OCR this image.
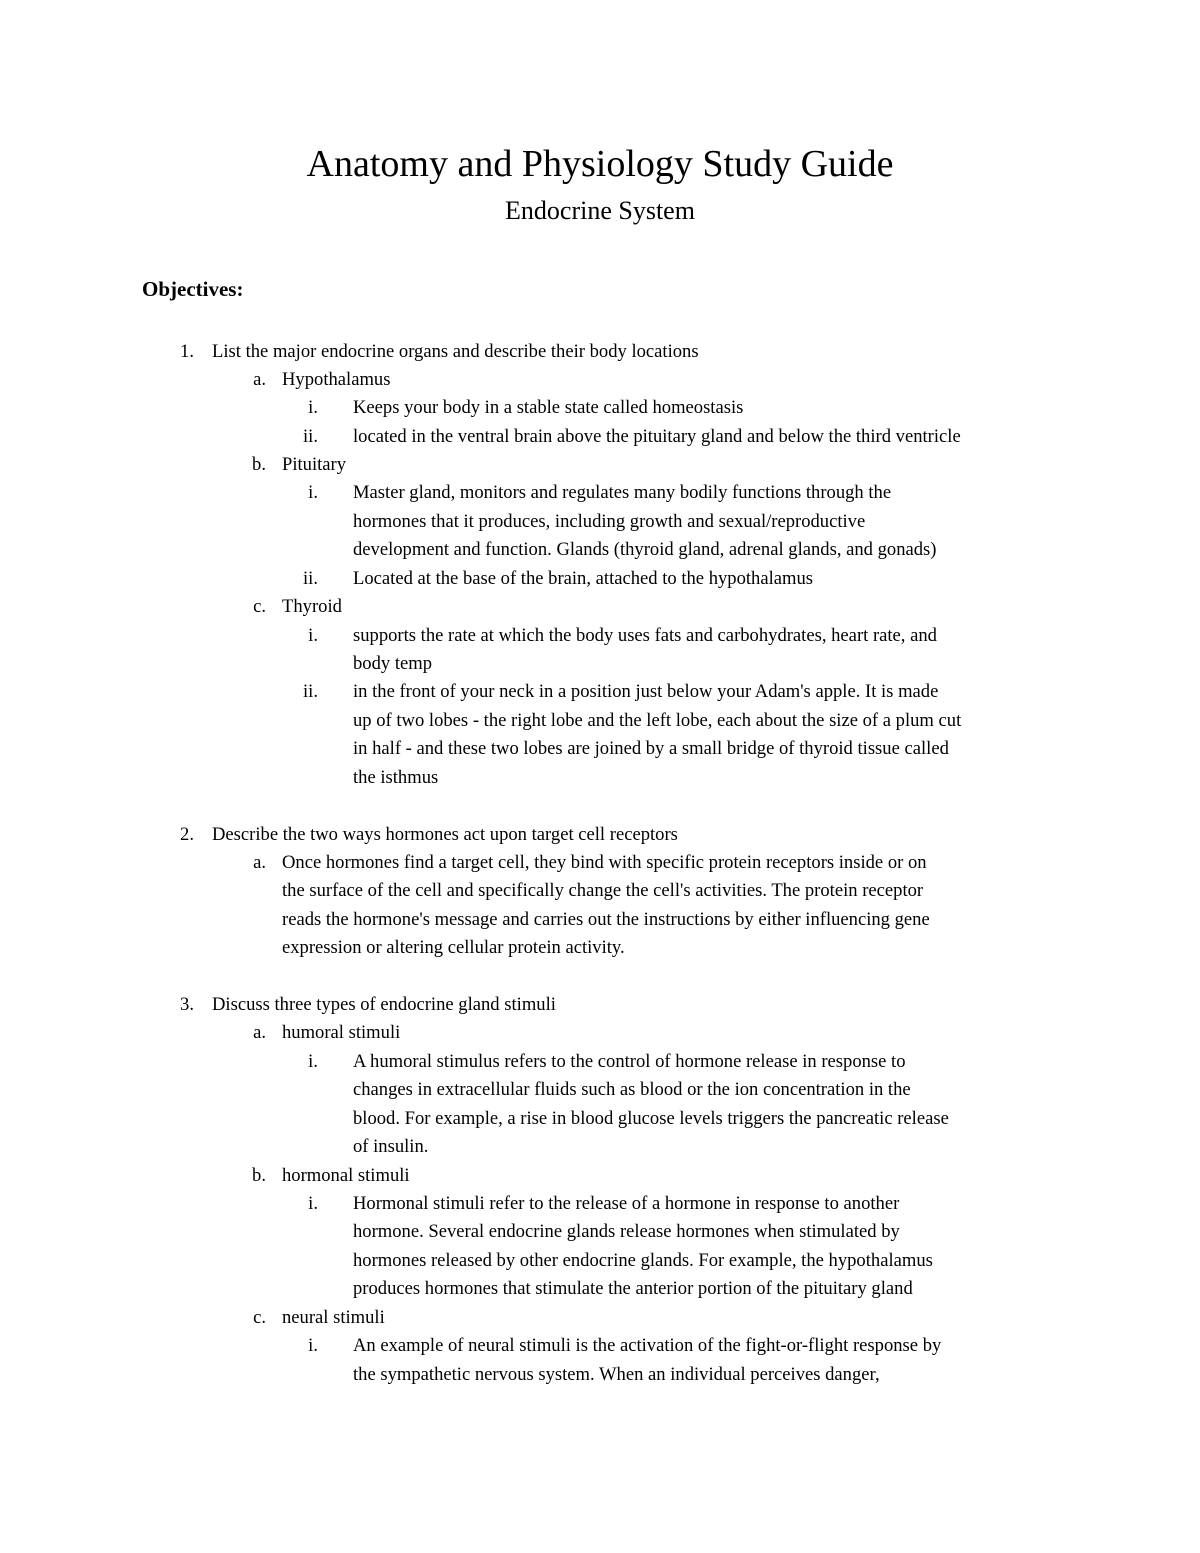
Anatomy and Physiology Study Guide
Endocrine System
Objectives:
1. List the major endocrine organs and describe their body locations
a. Hypothalamus
i. Keeps your body in a stable state called homeostasis
ii. located in the ventral brain above the pituitary gland and below the third ventricle
b. Pituitary
i. Master gland, monitors and regulates many bodily functions through the
hormones that it produces, including growth and sexual/reproductive
development and function. Glands (thyroid gland, adrenal glands, and gonads)
ii. Located at the base of the brain, attached to the hypothalamus
c. Thyroid
i. supports the rate at which the body uses fats and carbohydrates, heart rate, and
body temp
ii. in the front of your neck in a position just below your Adam's apple. It is made
up of two lobes - the right lobe and the left lobe, each about the size of a plum cut
in half - and these two lobes are joined by a small bridge of thyroid tissue called
the isthmus
2. Describe the two ways hormones act upon target cell receptors
a. Once hormones find a target cell, they bind with specific protein receptors inside or on
the surface of the cell and specifically change the cell's activities. The protein receptor
reads the hormone's message and carries out the instructions by either influencing gene
expression or altering cellular protein activity.
3. Discuss three types of endocrine gland stimuli
a. humoral stimuli
i. A humoral stimulus refers to the control of hormone release in response to
changes in extracellular fluids such as blood or the ion concentration in the
blood. For example, a rise in blood glucose levels triggers the pancreatic release
of insulin.
b. hormonal stimuli
i. Hormonal stimuli refer to the release of a hormone in response to another
hormone. Several endocrine glands release hormones when stimulated by
hormones released by other endocrine glands. For example, the hypothalamus
produces hormones that stimulate the anterior portion of the pituitary gland
c. neural stimuli
i. An example of neural stimuli is the activation of the fight-or-flight response by
the sympathetic nervous system. When an individual perceives danger,
